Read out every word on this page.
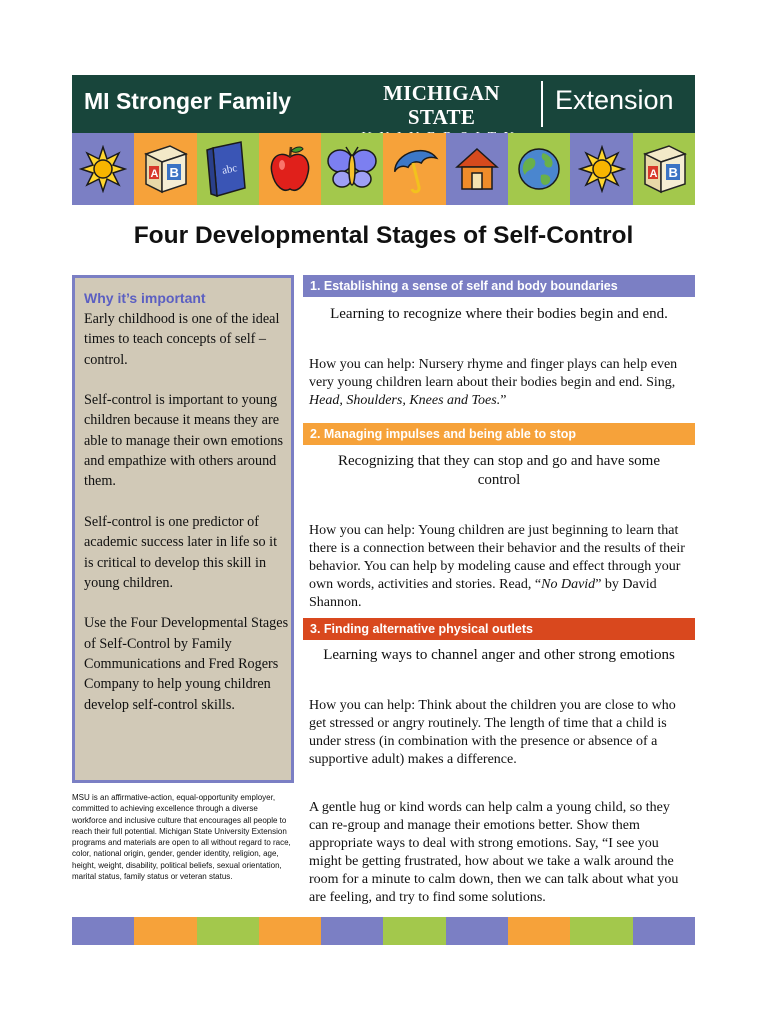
MI Stronger Family	MICHIGAN STATE
Extension
A B	abc	A B
Four Developmental Stages of Self-Control
Why it’s important

Early childhood is one of the ideal times to teach concepts of self –control.

Self-control is important to young children because it means they are able to manage their own emotions and empathize with others around them.

Self-control is one predictor of academic success later in life so it is critical to develop this skill in young children.

Use the Four Developmental Stages of Self-Control by Family Communications and Fred Rogers Company to help young children develop self-control skills.

MSU is an affirmative-action, equal-opportunity employer, committed to achieving excellence through a diverse workforce and inclusive culture that encourages all people to reach their full potential. Michigan State University Extension programs and materials are open to all without regard to race, color, national origin, gender, gender identity, religion, age, height, weight, disability, political beliefs, sexual orientation, marital status, family status or veteran status.
1. Establishing a sense of self and body boundaries
Learning to recognize where their bodies begin and end.
How you can help: Nursery rhyme and finger plays can help even very young children learn about their bodies begin and end. Sing, Head, Shoulders, Knees and Toes.”
2. Managing impulses and being able to stop
Recognizing that they can stop and go and have some control
How you can help: Young children are just beginning to learn that there is a connection between their behavior and the results of their behavior. You can help by modeling cause and effect through your own words, activities and stories. Read, “No David” by David Shannon.
3. Finding alternative physical outlets
Learning ways to channel anger and other strong emotions
How you can help: Think about the children you are close to who get stressed or angry routinely. The length of time that a child is under stress (in combination with the presence or absence of a supportive adult) makes a difference.
A gentle hug or kind words can help calm a young child, so they can re-group and manage their emotions better. Show them appropriate ways to deal with strong emotions. Say, “I see you might be getting frustrated, how about we take a walk around the room for a minute to calm down, then we can talk about what you are feeling, and try to find some solutions.
